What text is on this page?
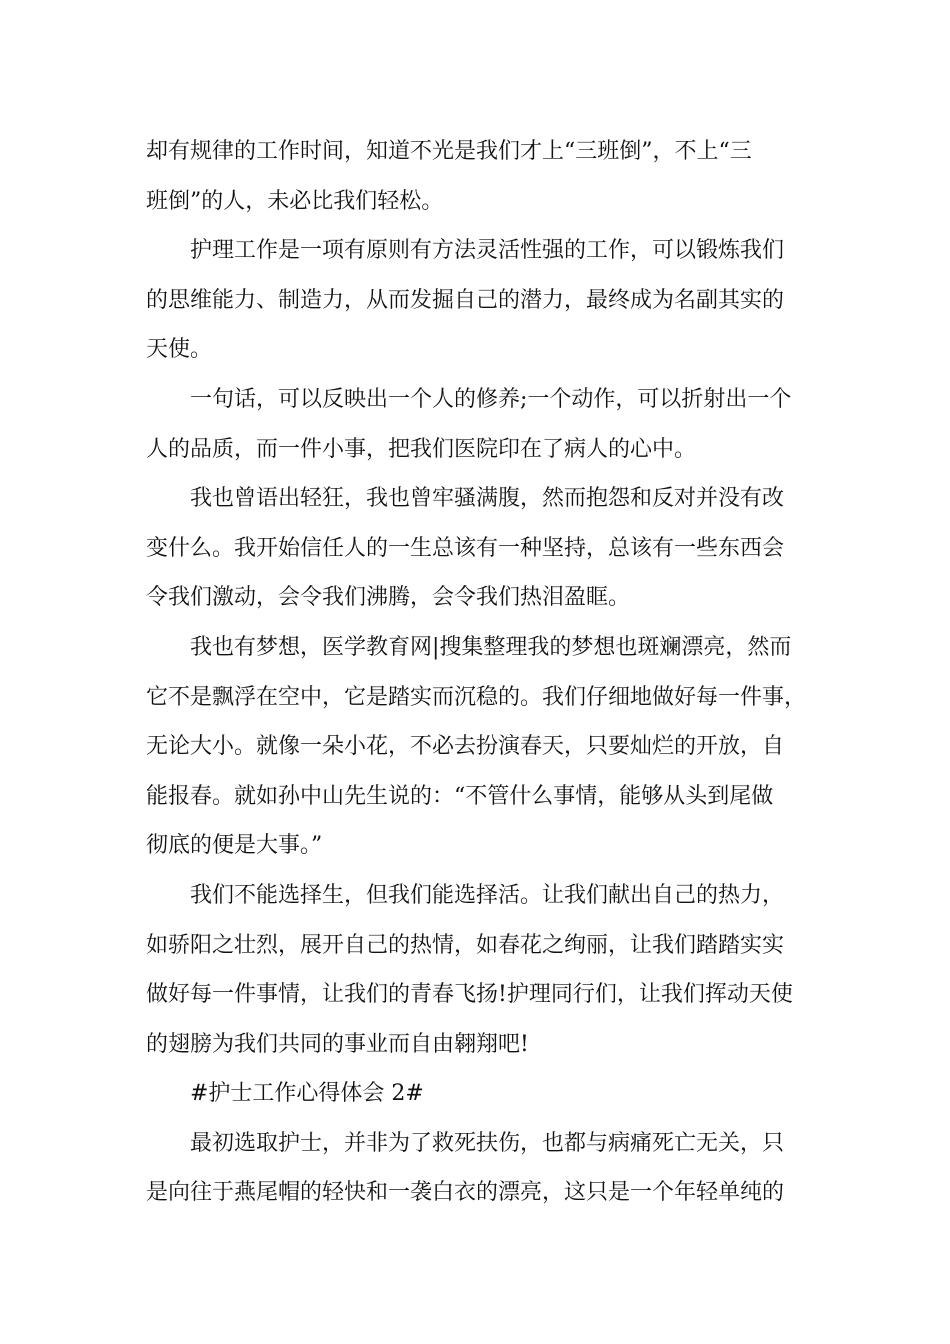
却有规律的工作时间，知道不光是我们才上“三班倒”，不上“三
班倒”的人，未必比我们轻松。
护理工作是一项有原则有方法灵活性强的工作，可以锻炼我们
的思维能力、制造力，从而发掘自己的潜力，最终成为名副其实的
天使。
一句话，可以反映出一个人的修养;一个动作，可以折射出一个
人的品质，而一件小事，把我们医院印在了病人的心中。
我也曾语出轻狂，我也曾牢骚满腹，然而抱怨和反对并没有改
变什么。我开始信任人的一生总该有一种坚持，总该有一些东西会
令我们激动，会令我们沸腾，会令我们热泪盈眶。
我也有梦想，医学教育网|搜集整理我的梦想也斑斓漂亮，然而
它不是飘浮在空中，它是踏实而沉稳的。我们仔细地做好每一件事，
无论大小。就像一朵小花，不必去扮演春天，只要灿烂的开放，自
能报春。就如孙中山先生说的：“不管什么事情，能够从头到尾做
彻底的便是大事。”
我们不能选择生，但我们能选择活。让我们献出自己的热力，
如骄阳之壮烈，展开自己的热情，如春花之绚丽，让我们踏踏实实
做好每一件事情，让我们的青春飞扬!护理同行们，让我们挥动天使
的翅膀为我们共同的事业而自由翱翔吧!
#护士工作心得体会 2#
最初选取护士，并非为了救死扶伤，也都与病痛死亡无关，只
是向往于燕尾帽的轻快和一袭白衣的漂亮，这只是一个年轻单纯的
